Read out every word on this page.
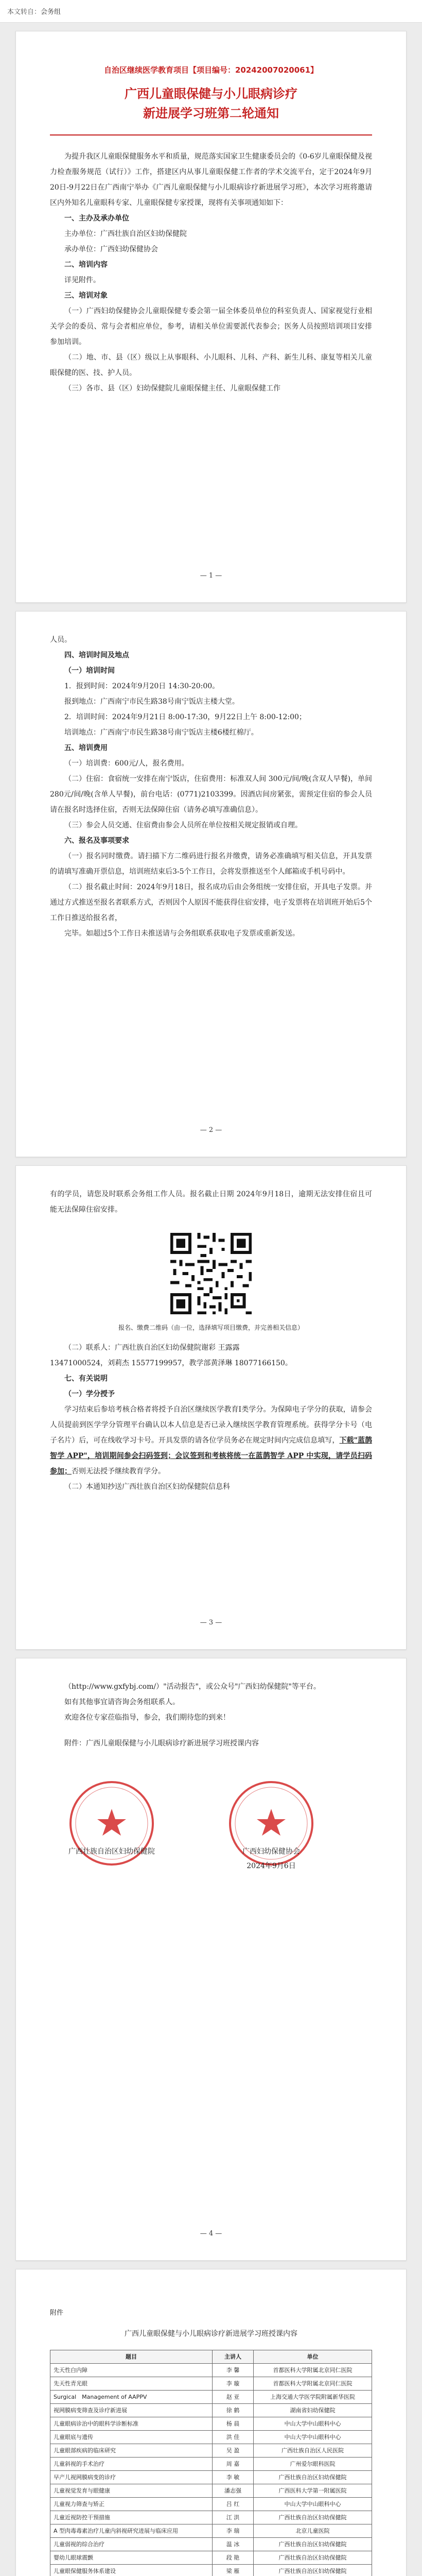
本文转自：会务组
自治区继续医学教育项目【项目编号：20242007020061】
广西儿童眼保健与小儿眼病诊疗
新进展学习班第二轮通知

为提升我区儿童眼保健服务水平和质量，规范落实国家卫生健康委员会的《0-6岁儿童眼保健及视力检查服务规范（试行）》工作，搭建区内从事儿童眼保健工作者的学术交流平台，定于2024年9月20日-9月22日在广西南宁举办《广西儿童眼保健与小儿眼病诊疗新进展学习班》，本次学习班将邀请区内外知名儿童眼科专家、儿童眼保健专家授课，现将有关事项通知如下：

一、主办及承办单位

主办单位：广西壮族自治区妇幼保健院

承办单位：广西妇幼保健协会

二、培训内容

详见附件。

三、培训对象

（一）广西妇幼保健协会儿童眼保健专委会第一届全体委员单位的科室负责人、国家视觉行业相关学会的委员、常与会者相应单位，参考，请相关单位需要派代表参会；医务人员按照培训项目安排参加培训。

（二）地、市、县（区）级以上从事眼科、小儿眼科、儿科、产科、新生儿科、康复等相关儿童眼保健的医、技、护人员。

（三）各市、县（区）妇幼保健院儿童眼保健主任、儿童眼保健工作

— 1 —

人员。

四、培训时间及地点

（一）培训时间

1．报到时间：2024年9月20日 14:30-20:00。

报到地点：广西南宁市民生路38号南宁饭店主楼大堂。

2．培训时间：2024年9月21日 8:00-17:30，9月22日上午 8:00-12:00；

培训地点：广西南宁市民生路38号南宁饭店主楼6楼红棉厅。

五、培训费用

（一）培训费：600元/人，报名费用。

（二）住宿：食宿统一安排在南宁饭店，住宿费用：标准双人间 300元/间/晚(含双人早餐)，单间 280元/间/晚(含单人早餐)，前台电话：(0771)2103399。因酒店间房紧张，需预定住宿的参会人员请在报名时选择住宿，否则无法保障住宿（请务必填写准确信息）。

（三）参会人员交通、住宿费由参会人员所在单位按相关规定报销或自理。

六、报名及事项要求

（一）报名同时缴费。请扫描下方二维码进行报名并缴费，请务必准确填写相关信息，开具发票的请填写准确开票信息，培训班结束后3-5个工作日，会将发票推送至个人邮箱或手机号码中。

（二）报名截止时间：2024年9月18日，报名成功后由会务组统一安排住宿，开具电子发票。并通过方式推送至报名者联系方式，否则因个人原因不能获得住宿安排，电子发票将在培训班开始后5个工作日推送给报名者，

完毕。如超过5个工作日未推送请与会务组联系获取电子发票或重新发送。

— 2 —

有的学员，请您及时联系会务组工作人员。报名截止日期 2024年9月18日，逾期无法安排住宿且可能无法保障住宿安排。

报名、缴费二维码（由一位，选择填写项目缴费，并完善相关信息）

（二）联系人：广西壮族自治区妇幼保健院谢彩 王露露

13471000524，刘莉杰 15577199957，教学部黄泽琳 18077166150。

七、有关说明

（一）学分授予

学习结束后参培考核合格者将授予自治区继续医学教育Ⅰ类学分。为保障电子学分的获取，请参会人员提前到医学学分管理平台确认以本人信息是否已录入继续医学教育管理系统。获得学分卡号（电子名片）后，可在线收学习卡号。开具发票的请各位学员务必在规定时间内完成信息填写，下载"蓝鹊智学 APP"，培训期间参会扫码签到；会议签到和考核将统一在蓝鹊智学 APP 中实现，请学员扫码参加；否则无法授予继续教育学分。

（二）本通知抄送广西壮族自治区妇幼保健院信息科

— 3 —

（http://www.gxfybj.com/）"活动报告"，或公众号"广西妇幼保健院"等平台。

如有其他事宜请咨询会务组联系人。

欢迎各位专家莅临指导，参会，我们期待您的到来！

附件：广西儿童眼保健与小儿眼病诊疗新进展学习班授课内容

广西壮族自治区妇幼保健院	广西妇幼保健协会
2024年9月6日
— 4 —

附件

广西儿童眼保健与小儿眼病诊疗新进展学习班授课内容

题目	主讲人	单位
先天性白内障	李 馨	首都医科大学附属北京同仁医院
先天性青光眼	李 璇	首都医科大学附属北京同仁医院
Surgical　Management of AAPPV	赵 亚	上海交通大学医学院附属新华医院
视网膜病变筛查及诊疗新进展	徐 鹤	湖南省妇幼保健院
儿童眼病诊治中的眼科学诊断标准	杨 晨	中山大学中山眼科中心
儿童眼底与遗传	洪 佳	中山大学中山眼科中心
儿童眼部疾病的临床研究	吴 盈	广西壮族自治区人民医院
儿童斜视的手术治疗	周 嘉	广州爱尔眼科医院
早产儿视网膜病变的诊疗	李 敏	广西壮族自治区妇幼保健院
儿童视觉发育与眼健康	潘志强	广西医科大学第一附属医院
儿童视力筛查与矫正	吕 红	中山大学中山眼科中心
儿童近视防控干预措施	江 洪	广西壮族自治区妇幼保健院
A 型肉毒毒素治疗儿童内斜视研究进展与临床应用	李 瑞	北京儿童医院
儿童弱视的综合治疗	温 冰	广西壮族自治区妇幼保健院
婴幼儿眼球震颤	段 艳	广西壮族自治区妇幼保健院
儿童眼保健服务体系建设	梁 雁	广西壮族自治区妇幼保健院
